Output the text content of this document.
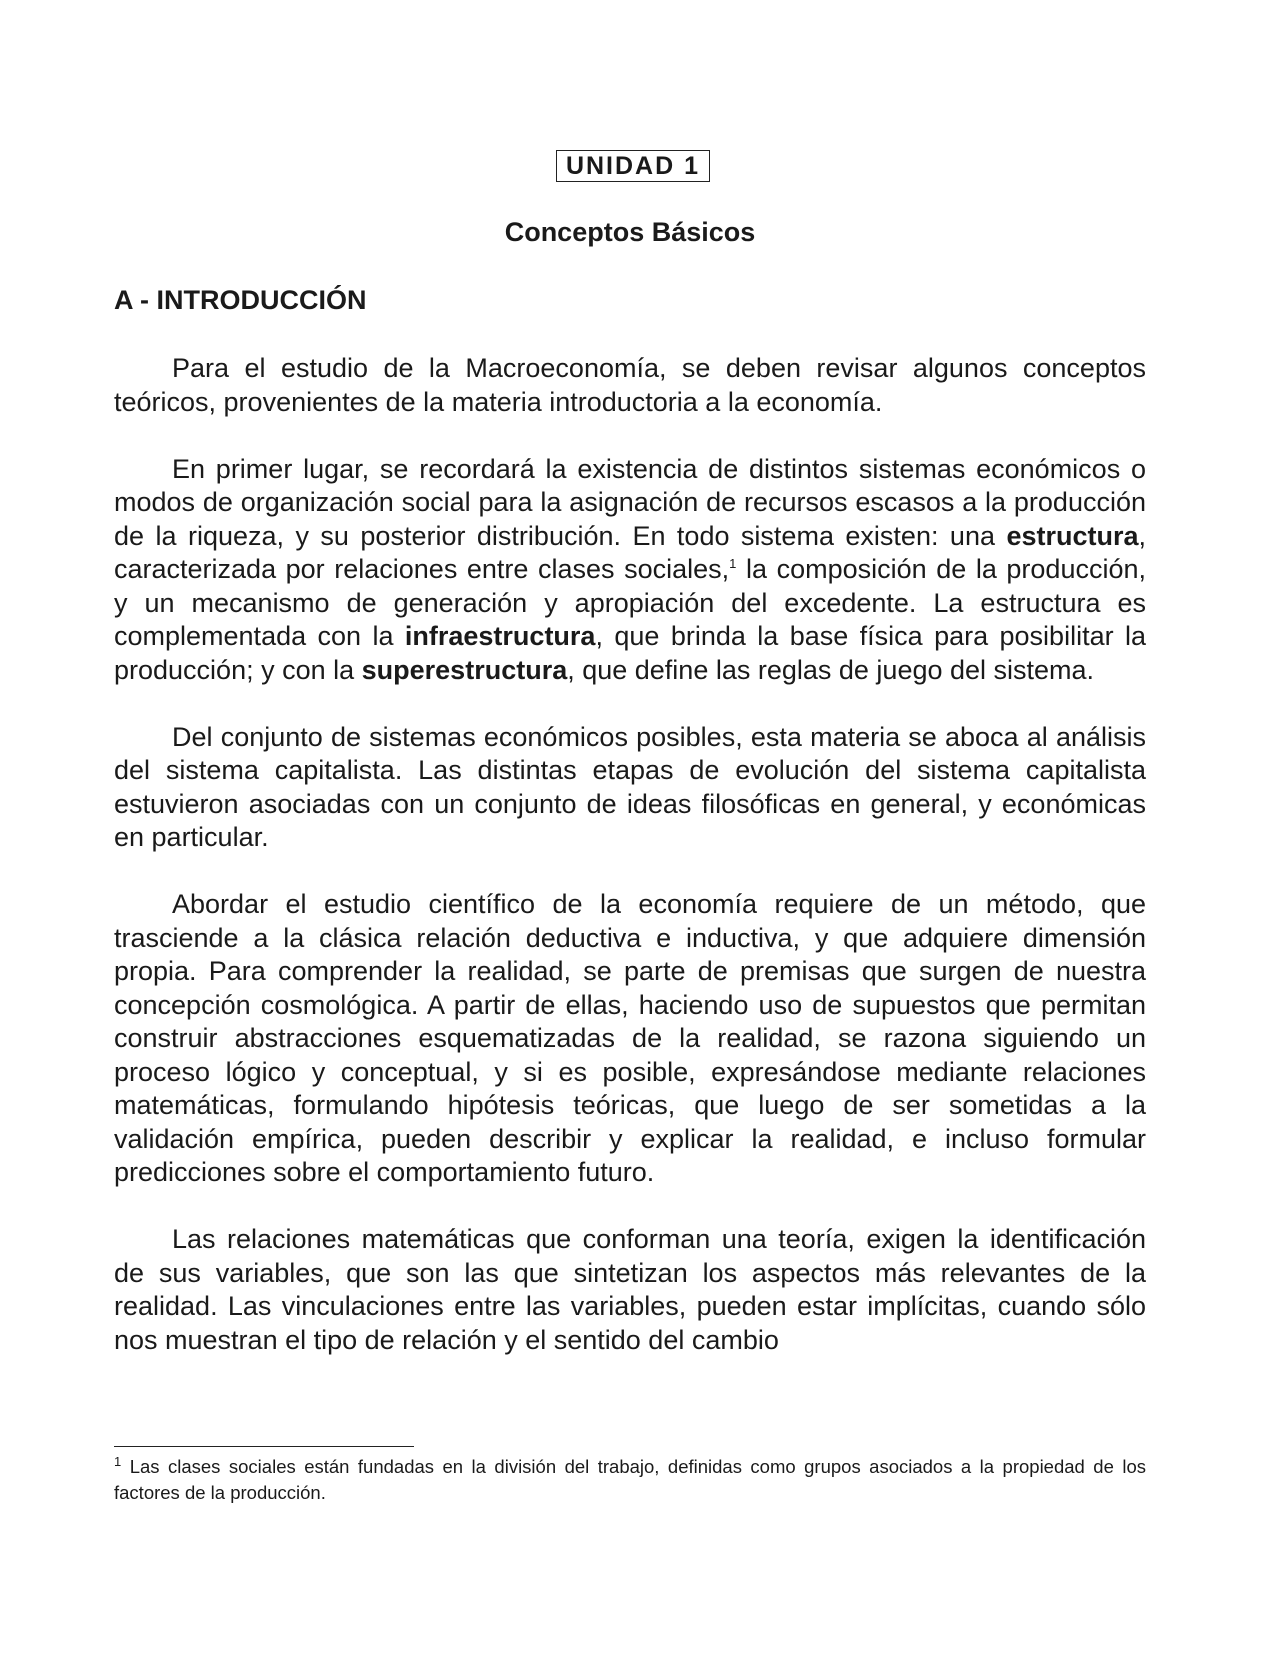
UNIDAD 1
Conceptos Básicos
A - INTRODUCCIÓN

Para el estudio de la Macroeconomía, se deben revisar algunos conceptos teóricos, provenientes de la materia introductoria a la economía.

En primer lugar, se recordará la existencia de distintos sistemas económicos o modos de organización social para la asignación de recursos escasos a la producción de la riqueza, y su posterior distribución. En todo sistema existen: una estructura, caracterizada por relaciones entre clases sociales,$^1$ la composición de la producción, y un mecanismo de generación y apropiación del excedente. La estructura es complementada con la infraestructura, que brinda la base física para posibilitar la producción; y con la superestructura, que define las reglas de juego del sistema.

Del conjunto de sistemas económicos posibles, esta materia se aboca al análisis del sistema capitalista. Las distintas etapas de evolución del sistema capitalista estuvieron asociadas con un conjunto de ideas filosóficas en general, y económicas en particular.

Abordar el estudio científico de la economía requiere de un método, que trasciende a la clásica relación deductiva e inductiva, y que adquiere dimensión propia. Para comprender la realidad, se parte de premisas que surgen de nuestra concepción cosmológica. A partir de ellas, haciendo uso de supuestos que permitan construir abstracciones esquematizadas de la realidad, se razona siguiendo un proceso lógico y conceptual, y si es posible, expresándose mediante relaciones matemáticas, formulando hipótesis teóricas, que luego de ser sometidas a la validación empírica, pueden describir y explicar la realidad, e incluso formular predicciones sobre el comportamiento futuro.

Las relaciones matemáticas que conforman una teoría, exigen la identificación de sus variables, que son las que sintetizan los aspectos más relevantes de la realidad. Las vinculaciones entre las variables, pueden estar implícitas, cuando sólo nos muestran el tipo de relación y el sentido del cambio

$^1$ Las clases sociales están fundadas en la división del trabajo, definidas como grupos asociados a la propiedad de los factores de la producción.
